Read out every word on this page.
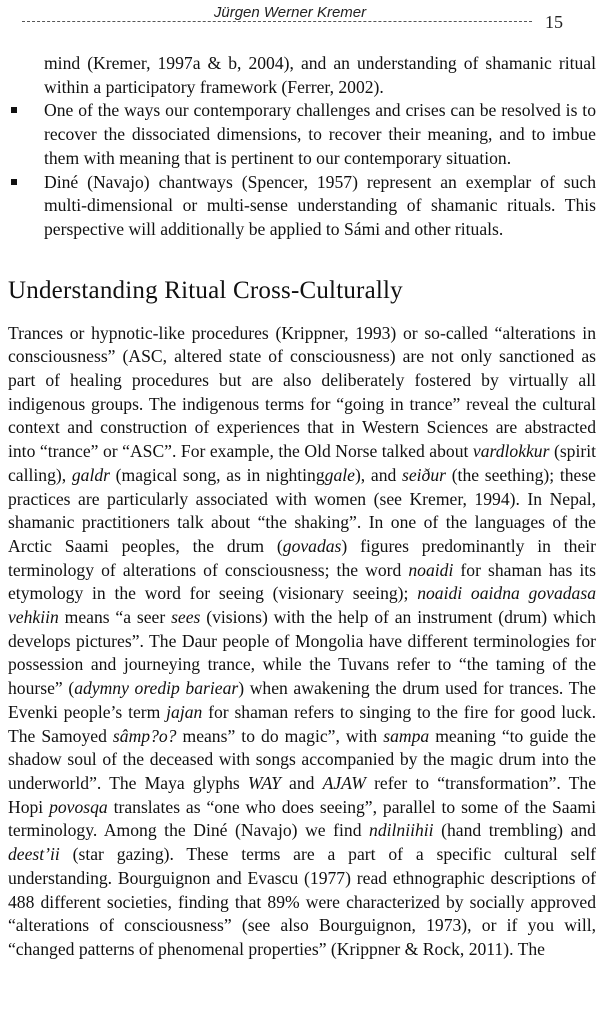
Jürgen Werner Kremer	15

mind (Kremer, 1997a & b, 2004), and an understanding of shamanic ritual within a participatory framework (Ferrer, 2002).

One of the ways our contemporary challenges and crises can be resolved is to recover the dissociated dimensions, to recover their meaning, and to imbue them with meaning that is pertinent to our contemporary situation.
Diné (Navajo) chantways (Spencer, 1957) represent an exemplar of such multi-dimensional or multi-sense understanding of shamanic rituals. This perspective will additionally be applied to Sámi and other rituals.
Understanding Ritual Cross-Culturally

Trances or hypnotic-like procedures (Krippner, 1993) or so-called “alterations in consciousness” (ASC, altered state of consciousness) are not only sanctioned as part of healing procedures but are also deliberately fostered by virtually all indigenous groups. The indigenous terms for “going in trance” reveal the cultural context and construction of experiences that in Western Sciences are abstracted into “trance” or “ASC”. For example, the Old Norse talked about vardlokkur (spirit calling), galdr (magical song, as in nightinggale), and seiður (the seething); these practices are particularly associated with women (see Kremer, 1994). In Nepal, shamanic practitioners talk about “the shaking”. In one of the languages of the Arctic Saami peoples, the drum (govadas) figures predominantly in their terminology of alterations of consciousness; the word noaidi for shaman has its etymology in the word for seeing (visionary seeing); noaidi oaidna govadasa vehkiin means “a seer sees (visions) with the help of an instrument (drum) which develops pictures”. The Daur people of Mongolia have different terminologies for possession and journeying trance, while the Tuvans refer to “the taming of the hourse” (adymny oredip bariear) when awakening the drum used for trances. The Evenki people’s term jajan for shaman refers to singing to the fire for good luck. The Samoyed sâmp?o? means” to do magic”, with sampa meaning “to guide the shadow soul of the deceased with songs accompanied by the magic drum into the underworld”. The Maya glyphs WAY and AJAW refer to “transformation”. The Hopi povosqa translates as “one who does seeing”, parallel to some of the Saami terminology. Among the Diné (Navajo) we find ndilniihii (hand trembling) and deest’ii (star gazing). These terms are a part of a specific cultural self understanding. Bourguignon and Evascu (1977) read ethnographic descriptions of 488 different societies, finding that 89% were characterized by socially approved “alterations of consciousness” (see also Bourguignon, 1973), or if you will, “changed patterns of phenomenal properties” (Krippner & Rock, 2011). The
